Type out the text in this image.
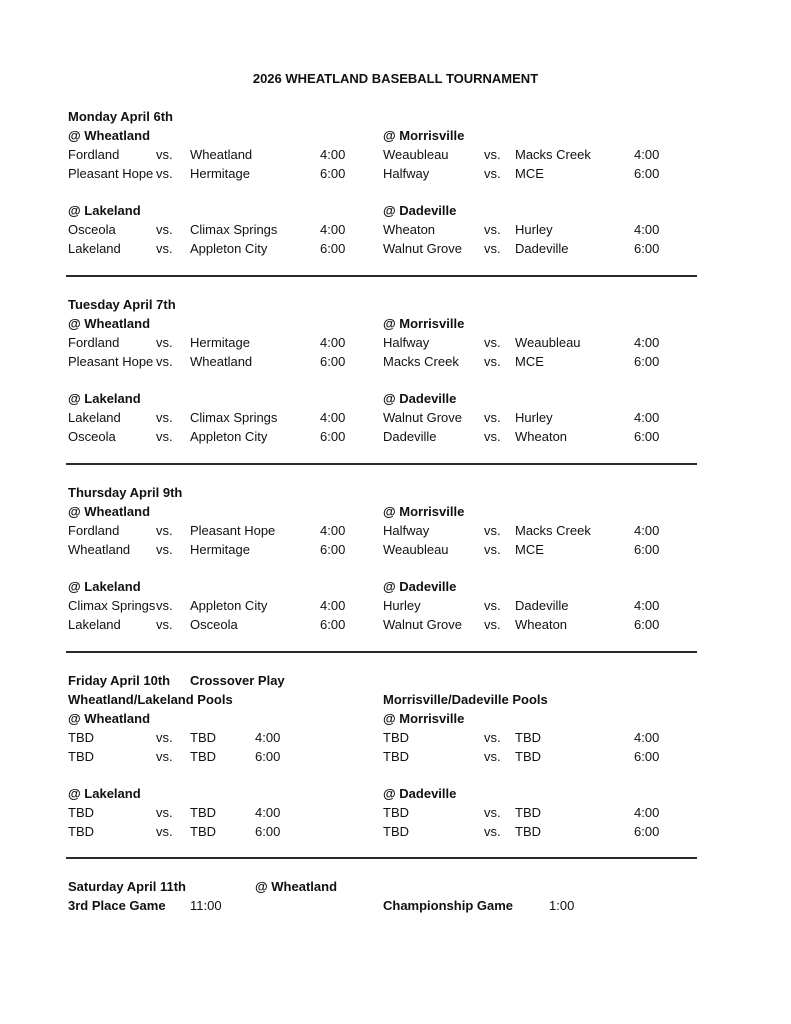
2026 WHEATLAND BASEBALL TOURNAMENT
Monday April 6th
@ Wheatland
Fordland	vs. Wheatland	4:00
Pleasant Hope vs. Hermitage	6:00
@ Morrisville
Weaubleau	vs. Macks Creek	4:00
Halfway	vs. MCE	6:00
@ Lakeland
Osceola	vs. Climax Springs	4:00
Lakeland	vs. Appleton City	6:00
@ Dadeville
Wheaton	vs. Hurley	4:00
Walnut Grove vs. Dadeville	6:00
Tuesday April 7th
@ Wheatland
Fordland	vs. Hermitage	4:00
Pleasant Hope vs. Wheatland	6:00
@ Morrisville
Halfway	vs. Weaubleau	4:00
Macks Creek vs. MCE	6:00
@ Lakeland
Lakeland	vs. Climax Springs	4:00
Osceola	vs. Appleton City	6:00
@ Dadeville
Walnut Grove vs. Hurley	4:00
Dadeville	vs. Wheaton	6:00
Thursday April 9th
@ Wheatland
Fordland	vs. Pleasant Hope	4:00
Wheatland vs. Hermitage	6:00
@ Morrisville
Halfway	vs. Macks Creek	4:00
Weaubleau	vs. MCE	6:00
@ Lakeland
Climax Springs vs. Appleton City	4:00
Lakeland	vs. Osceola	6:00
@ Dadeville
Hurley	vs. Dadeville	4:00
Walnut Grove vs. Wheaton	6:00
Friday April 10th Crossover Play
Wheatland/Lakeland Pools	Morrisville/Dadeville Pools
@ Wheatland
TBD	vs. TBD	4:00
TBD	vs. TBD	6:00
@ Morrisville
TBD	vs. TBD	4:00
TBD	vs. TBD	6:00
@ Lakeland
TBD	vs. TBD	4:00
TBD	vs. TBD	6:00
@ Dadeville
TBD	vs. TBD	4:00
TBD	vs. TBD	6:00
Saturday April 11th	@ Wheatland
3rd Place Game 11:00	Championship Game	1:00
